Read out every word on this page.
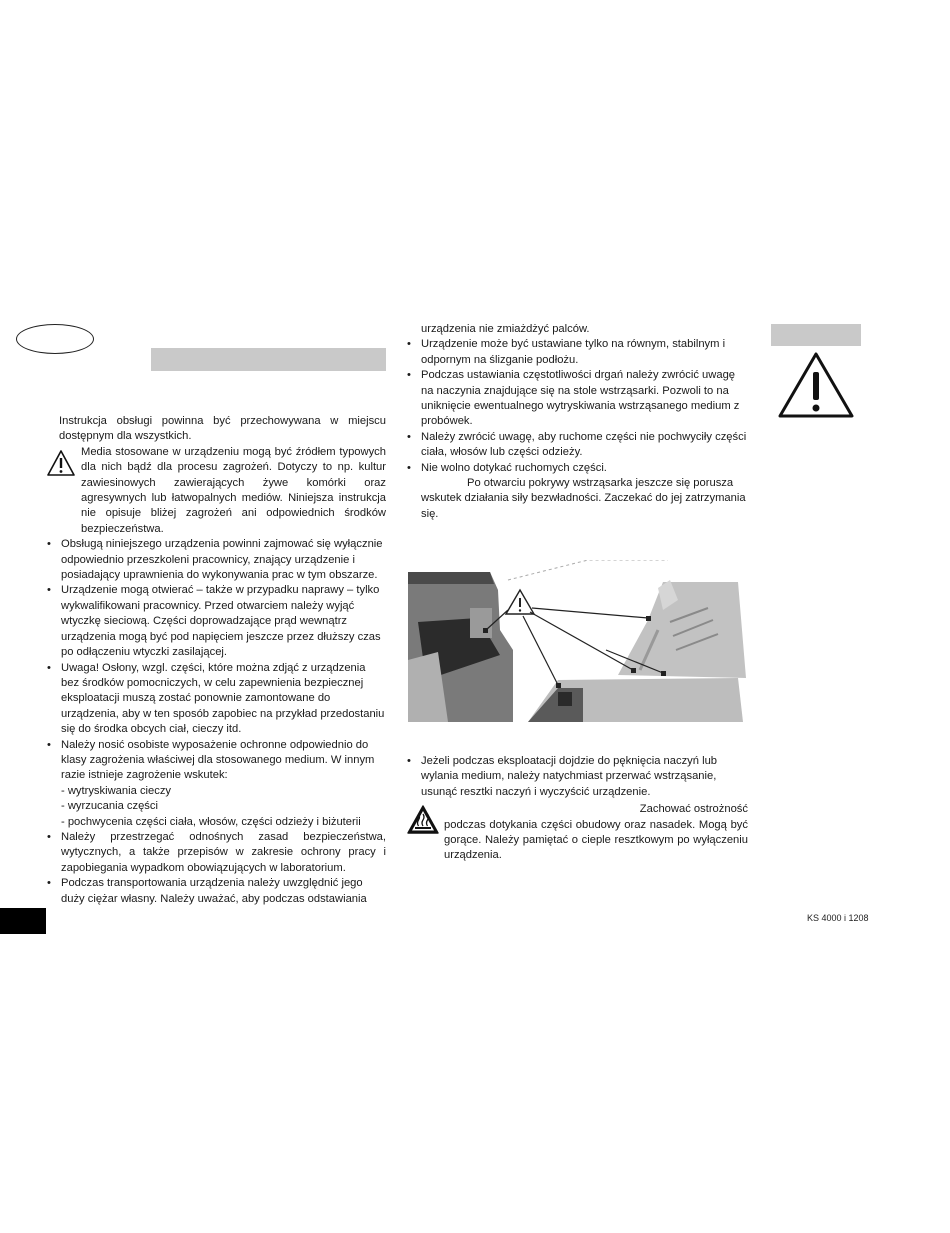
Instrukcja obsługi powinna być przechowywana w miejscu dostępnym dla wszystkich.

Media stosowane w urządzeniu mogą być źródłem typowych dla nich bądź dla procesu zagrożeń. Dotyczy to np. kultur zawiesinowych zawierających żywe komórki oraz agresywnych lub łatwopalnych mediów. Niniejsza instrukcja nie opisuje bliżej zagrożeń ani odpowiednich środków bezpieczeństwa.

• Obsługą niniejszego urządzenia powinni zajmować się wyłącznie odpowiednio przeszkoleni pracownicy, znający urządzenie i posiadający uprawnienia do wykonywania prac w tym obszarze.

• Urządzenie mogą otwierać – także w przypadku naprawy – tylko wykwalifikowani pracownicy. Przed otwarciem należy wyjąć wtyczkę sieciową. Części doprowadzające prąd wewnątrz urządzenia mogą być pod napięciem jeszcze przez dłuższy czas po odłączeniu wtyczki zasilającej.

• Uwaga! Osłony, wzgl. części, które można zdjąć z urządzenia bez środków pomocniczych, w celu zapewnienia bezpiecznej eksploatacji muszą zostać ponownie zamontowane do urządzenia, aby w ten sposób zapobiec na przykład przedostaniu się do środka obcych ciał, cieczy itd.

• Należy nosić osobiste wyposażenie ochronne odpowiednio do klasy zagrożenia właściwej dla stosowanego medium. W innym razie istnieje zagrożenie wskutek:

- wytryskiwania cieczy

- wyrzucania części

- pochwycenia części ciała, włosów, części odzieży i biżuterii

• Należy przestrzegać odnośnych zasad bezpieczeństwa, wytycznych, a także przepisów w zakresie ochrony pracy i zapobiegania wypadkom obowiązujących w laboratorium.

• Podczas transportowania urządzenia należy uwzględnić jego duży ciężar własny. Należy uważać, aby podczas odstawiania

urządzenia nie zmiażdżyć palców.

• Urządzenie może być ustawiane tylko na równym, stabilnym i odpornym na ślizganie podłożu.

• Podczas ustawiania częstotliwości drgań należy zwrócić uwagę na naczynia znajdujące się na stole wstrząsarki. Pozwoli to na uniknięcie ewentualnego wytryskiwania wstrząsanego medium z probówek.

• Należy zwrócić uwagę, aby ruchome części nie pochwyciły części ciała, włosów lub części odzieży.

• Nie wolno dotykać ruchomych części.

Po otwarciu pokrywy wstrząsarka jeszcze się porusza wskutek działania siły bezwładności. Zaczekać do jej zatrzymania się.

• Jeżeli podczas eksploatacji dojdzie do pęknięcia naczyń lub wylania medium, należy natychmiast przerwać wstrząsanie, usunąć resztki naczyń i wyczyścić urządzenie.

Zachować ostrożność

podczas dotykania części obudowy oraz nasadek. Mogą być gorące. Należy pamiętać o cieple resztkowym po wyłączeniu urządzenia.

KS 4000 i 1208
